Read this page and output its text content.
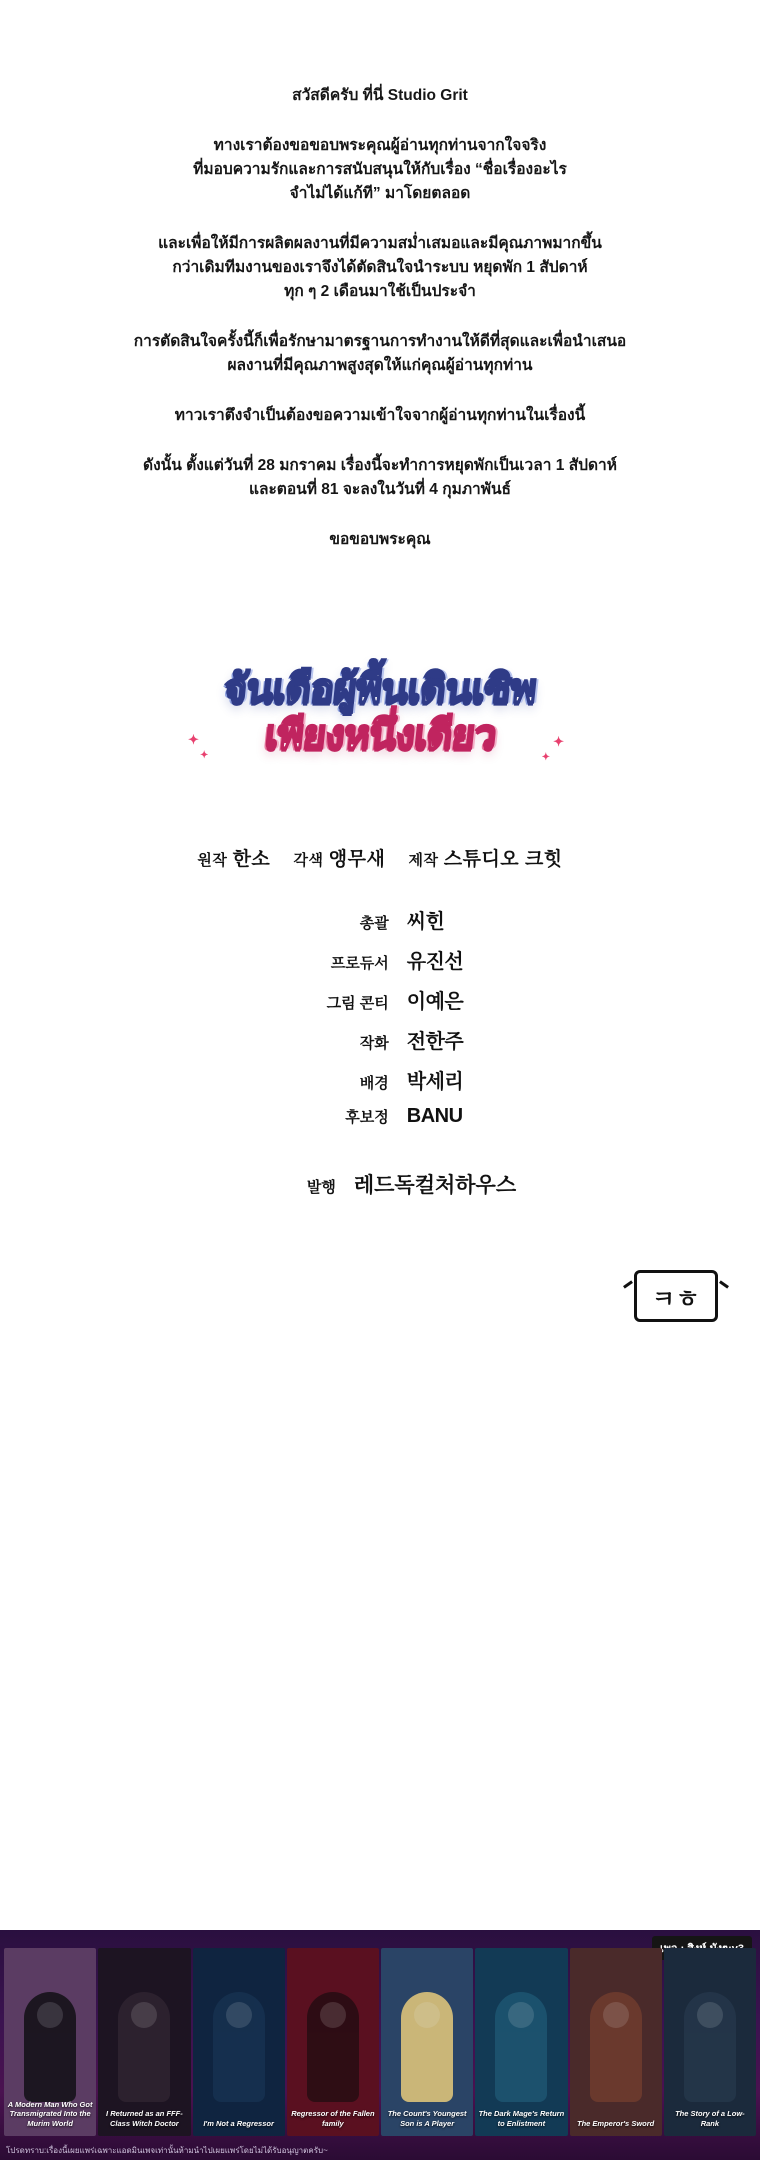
สวัสดีครับ ที่นี่ Studio Grit
ทางเราต้องขอขอบพระคุณผู้อ่านทุกท่านจากใจจริง
ที่มอบความรักและการสนับสนุนให้กับเรื่อง “ชื่อเรื่องอะไร
จำไม่ได้แก้ที” มาโดยตลอด
และเพื่อให้มีการผลิตผลงานที่มีความสม่ำเสมอและมีคุณภาพมากขึ้น
กว่าเดิมทีมงานของเราจึงได้ตัดสินใจนำระบบ หยุดพัก 1 สัปดาห์
ทุก ๆ 2 เดือนมาใช้เป็นประจำ
การตัดสินใจครั้งนี้ก็เพื่อรักษามาตรฐานการทำงานให้ดีที่สุดและเพื่อนำเสนอ
ผลงานที่มีคุณภาพสูงสุดให้แก่คุณผู้อ่านทุกท่าน
ทาวเราตึงจำเป็นต้องขอความเข้าใจจากผู้อ่านทุกท่านในเรื่องนี้
ดังนั้น ตั้งแต่วันที่ 28 มกราคม เรื่องนี้จะทำการหยุดพักเป็นเวลา 1 สัปดาห์
และตอนที่ 81 จะลงในวันที่ 4 กุมภาพันธ์
ขอขอบพระคุณ
จันเดือผู้พื้นเดินเซิพ
เพียงหนึ่งเดียว
✦
✦
✦
✦
원작 한소 각색 앵무새 제작 스튜디오 크힛
총괄 씨힌
프로듀서 유진선
그림 콘티 이예은
작화 전한주
배경 박세리
후보정 BANU
발행 레드독컬처하우스
ㅋㅎ
A Modern Man Who Got Transmigrated Into the Murim World
I Returned as an FFF-Class Witch Doctor	I'm Not a Regressor
Regressor of the Fallen family
The Count's Youngest Son is A Player
The Dark Mage's Return to Enlistment	The Emperor's Sword
The Story of a Low-Rank
โปรดทราบ:เรื่องนี้เผยแพร่เฉพาะแอดมินเพจเท่านั้นห้ามนำไปเผยแพร่โดยไม่ได้รับอนุญาตครับ~
